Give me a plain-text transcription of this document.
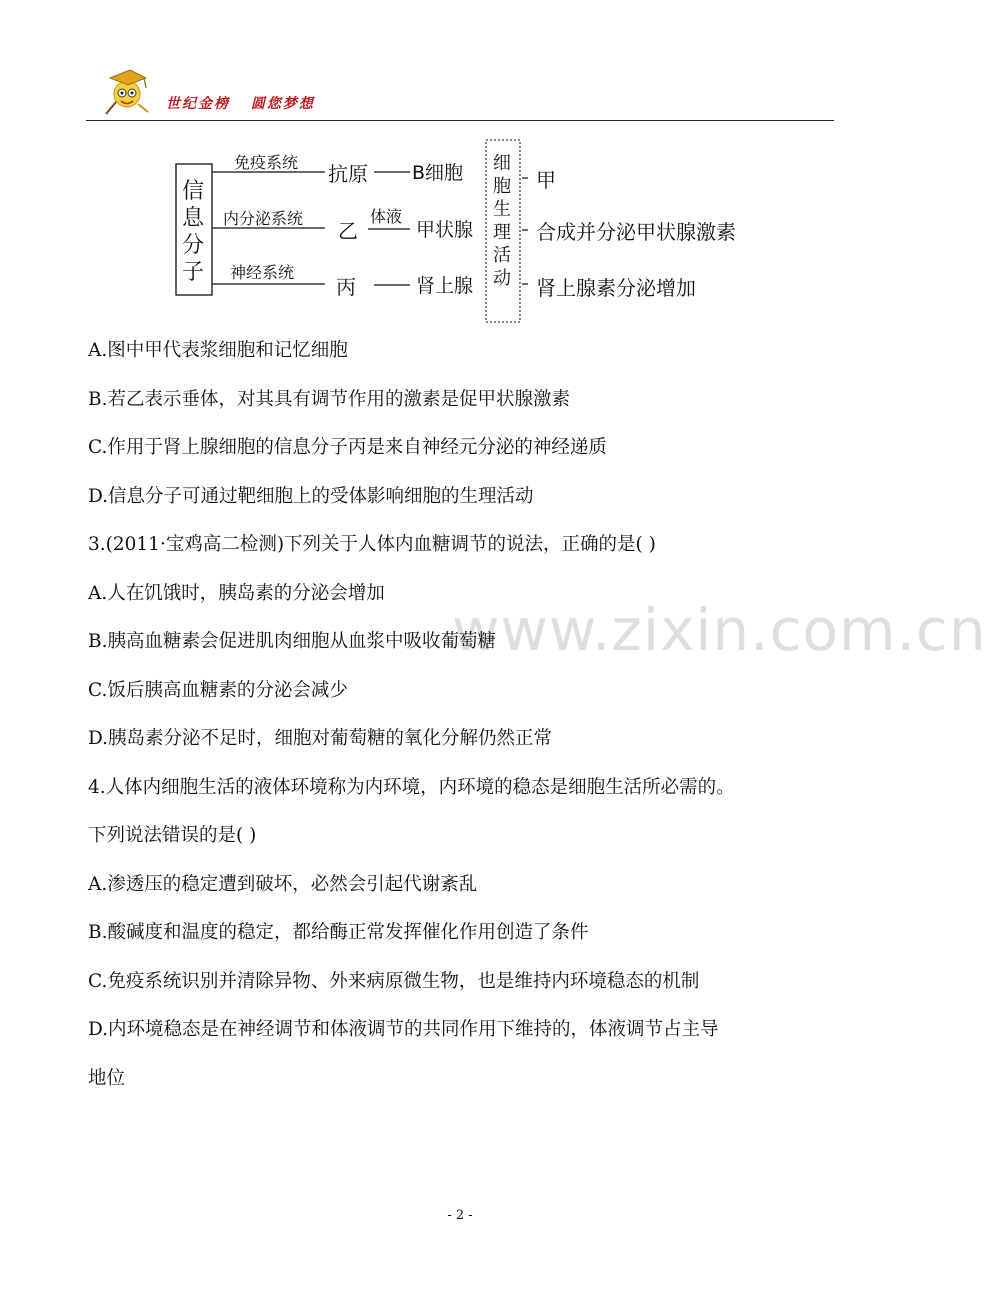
世纪金榜 圆您梦想
信
息
分
子
免疫系统
内分泌系统
神经系统
抗原
乙
丙
体液
B细胞
甲状腺
肾上腺
细
胞
生
理
活
动
甲
合成并分泌甲状腺激素
肾上腺素分泌增加
www.zixin.com.cn
A.图中甲代表浆细胞和记忆细胞
B.若乙表示垂体，对其具有调节作用的激素是促甲状腺激素
C.作用于肾上腺细胞的信息分子丙是来自神经元分泌的神经递质
D.信息分子可通过靶细胞上的受体影响细胞的生理活动
3.(2011·宝鸡高二检测)下列关于人体内血糖调节的说法，正确的是( )
A.人在饥饿时，胰岛素的分泌会增加
B.胰高血糖素会促进肌肉细胞从血浆中吸收葡萄糖
C.饭后胰高血糖素的分泌会减少
D.胰岛素分泌不足时，细胞对葡萄糖的氧化分解仍然正常
4.人体内细胞生活的液体环境称为内环境，内环境的稳态是细胞生活所必需的。
下列说法错误的是( )
A.渗透压的稳定遭到破坏，必然会引起代谢紊乱
B.酸碱度和温度的稳定，都给酶正常发挥催化作用创造了条件
C.免疫系统识别并清除异物、外来病原微生物，也是维持内环境稳态的机制
D.内环境稳态是在神经调节和体液调节的共同作用下维持的，体液调节占主导
地位
- 2 -
